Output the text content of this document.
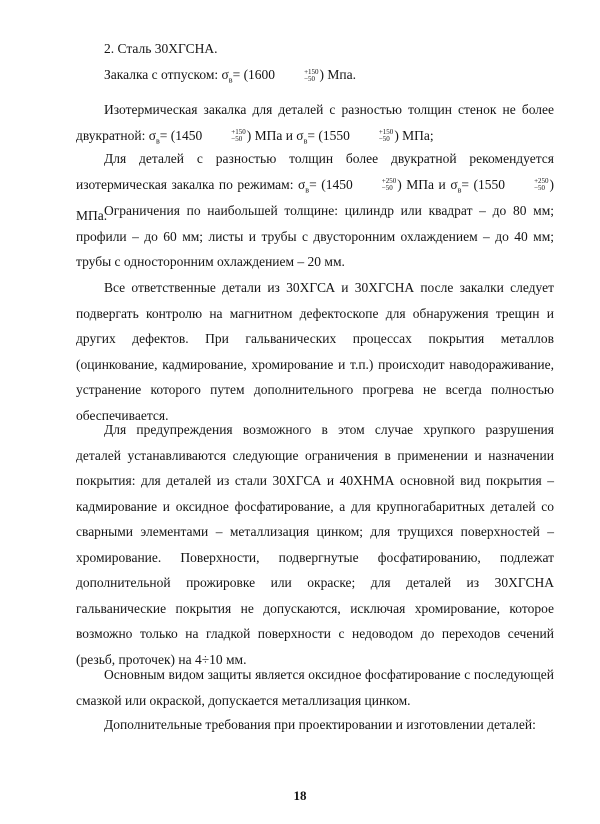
2. Сталь 30ХГСНА.
Закалка с отпуском: $\sigma_в= (1600$	+150
−50 ) Мпа.
Изотермическая закалка для деталей с разностью толщин стенок не более двукратной: $\sigma_в= (1450$	+150
−50 ) МПа и $\sigma_в= (1550$	+150
−50 ) МПа;
Для деталей с разностью толщин более двукратной рекомендуется изотермическая закалка по режимам: $\sigma_в= (1450$	+250
−50 ) МПа и $\sigma_в= (1550$	+250
−50 ) МПа.
Ограничения по наибольшей толщине: цилиндр или квадрат – до 80 мм; профили – до 60 мм; листы и трубы с двусторонним охлаждением – до 40 мм; трубы с односторонним охлаждением – 20 мм.
Все ответственные детали из 30ХГСА и 30ХГСНА после закалки следует подвергать контролю на магнитном дефектоскопе для обнаружения трещин и других дефектов. При гальванических процессах покрытия металлов (оцинкование, кадмирование, хромирование и т.п.) происходит наводораживание, устранение которого путем дополнительного прогрева не всегда полностью обеспечивается.
Для предупреждения возможного в этом случае хрупкого разрушения деталей устанавливаются следующие ограничения в применении и назначении покрытия: для деталей из стали 30ХГСА и 40ХНМА основной вид покрытия – кадмирование и оксидное фосфатирование, а для крупногабаритных деталей со сварными элементами – металлизация цинком; для трущихся поверхностей – хромирование. Поверхности, подвергнутые фосфатированию, подлежат дополнительной прожировке или окраске; для деталей из 30ХГСНА гальванические покрытия не допускаются, исключая хромирование, которое возможно только на гладкой поверхности с недоводом до переходов сечений (резьб, проточек) на 4÷10 мм.
Основным видом защиты является оксидное фосфатирование с последующей смазкой или окраской, допускается металлизация цинком.
Дополнительные требования при проектировании и изготовлении деталей:
18
